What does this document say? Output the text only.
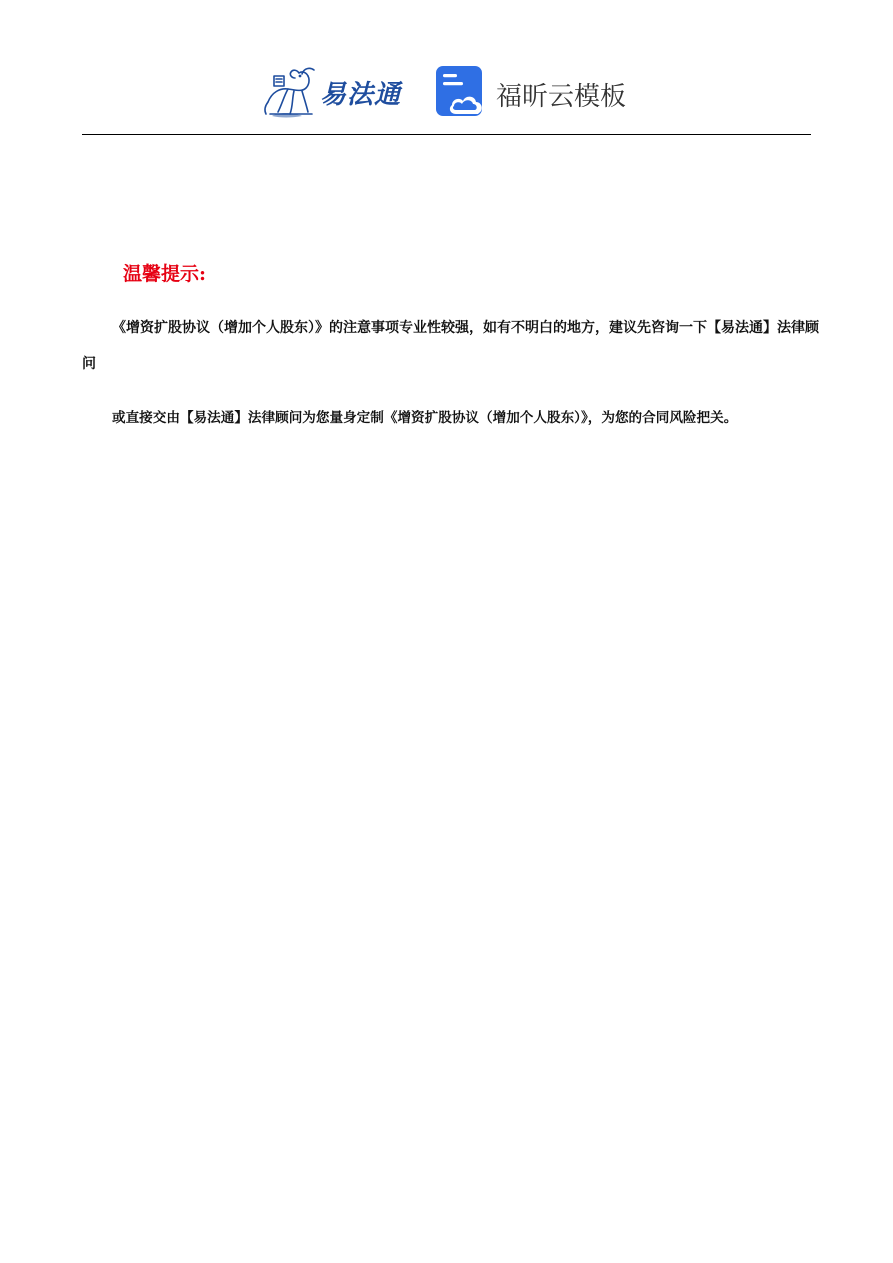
易法通	福昕云模板
温馨提示:
《增资扩股协议（增加个人股东）》的注意事项专业性较强，如有不明白的地方，建议先咨询一下【易法通】法律顾问
或直接交由【易法通】法律顾问为您量身定制《增资扩股协议（增加个人股东）》，为您的合同风险把关。
